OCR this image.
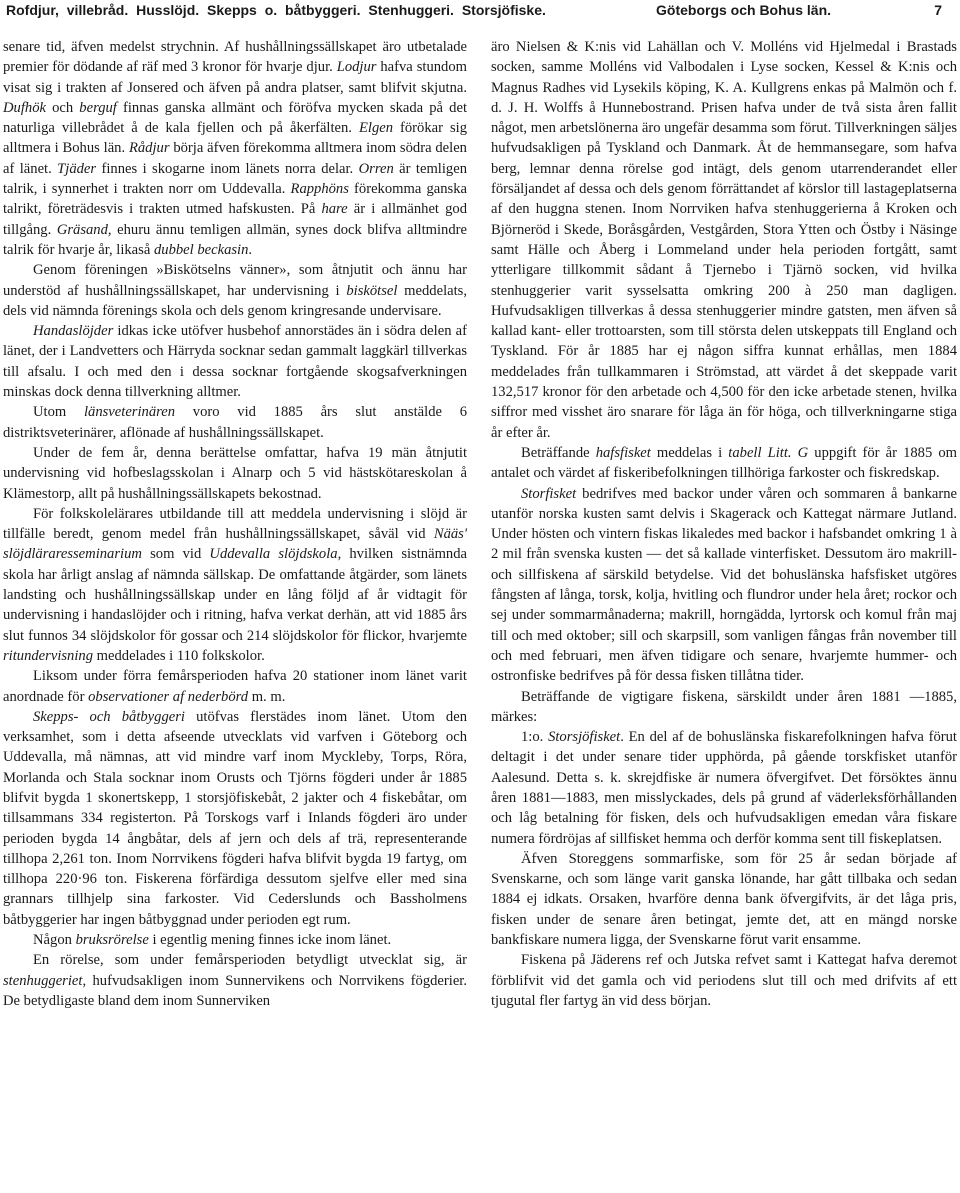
Rofdjur, villebråd. Husslöjd. Skepps o. båtbyggeri. Stenhuggeri. Storsjöfiske.	Göteborgs och Bohus län.	7

senare tid, äfven medelst strychnin. Af hushållningssällskapet äro utbetalade premier för dödande af räf med 3 kronor för hvarje djur. Lodjur hafva stundom visat sig i trakten af Jonsered och äfven på andra platser, samt blifvit skjutna. Dufhök och berguf finnas ganska allmänt och föröfva mycken skada på det naturliga villebrådet å de kala fjellen och på åkerfälten. Elgen förökar sig alltmera i Bohus län. Rådjur börja äfven förekomma alltmera inom södra delen af länet. Tjäder finnes i skogarne inom länets norra delar. Orren är temligen talrik, i synnerhet i trakten norr om Uddevalla. Rapphöns förekomma ganska talrikt, företrädesvis i trakten utmed hafskusten. På hare är i allmänhet god tillgång. Gräsand, ehuru ännu temligen allmän, synes dock blifva alltmindre talrik för hvarje år, likaså dubbel beckasin.

Genom föreningen »Biskötselns vänner», som åtnjutit och ännu har understöd af hushållningssällskapet, har undervisning i biskötsel meddelats, dels vid nämnda förenings skola och dels genom kringresande undervisare.

Handaslöjder idkas icke utöfver husbehof annorstädes än i södra delen af länet, der i Landvetters och Härryda socknar sedan gammalt laggkärl tillverkas till afsalu. I och med den i dessa socknar fortgående skogsafverkningen minskas dock denna tillverkning alltmer.

Utom länsveterinären voro vid 1885 års slut anstälde 6 distriktsveterinärer, aflönade af hushållningssällskapet.

Under de fem år, denna berättelse omfattar, hafva 19 män åtnjutit undervisning vid hofbeslagsskolan i Alnarp och 5 vid hästskötareskolan å Klämestorp, allt på hushållningssällskapets bekostnad.

För folkskolelärares utbildande till att meddela undervisning i slöjd är tillfälle beredt, genom medel från hushållningssällskapet, såväl vid Nääs' slöjdläraresseminarium som vid Uddevalla slöjdskola, hvilken sistnämnda skola har årligt anslag af nämnda sällskap. De omfattande åtgärder, som länets landsting och hushållningssällskap under en lång följd af år vidtagit för undervisning i handaslöjder och i ritning, hafva verkat derhän, att vid 1885 års slut funnos 34 slöjdskolor för gossar och 214 slöjdskolor för flickor, hvarjemte ritundervisning meddelades i 110 folkskolor.

Liksom under förra femårsperioden hafva 20 stationer inom länet varit anordnade för observationer af nederbörd m. m.

Skepps- och båtbyggeri utöfvas flerstädes inom länet. Utom den verksamhet, som i detta afseende utvecklats vid varfven i Göteborg och Uddevalla, må nämnas, att vid mindre varf inom Myckleby, Torps, Röra, Morlanda och Stala socknar inom Orusts och Tjörns fögderi under år 1885 blifvit bygda 1 skonertskepp, 1 storsjöfiskebåt, 2 jakter och 4 fiskebåtar, om tillsammans 334 registerton. På Torskogs varf i Inlands fögderi äro under perioden bygda 14 ångbåtar, dels af jern och dels af trä, representerande tillhopa 2,261 ton. Inom Norrvikens fögderi hafva blifvit bygda 19 fartyg, om tillhopa 220·96 ton. Fiskerena förfärdiga dessutom sjelfve eller med sina grannars tillhjelp sina farkoster. Vid Cederslunds och Bassholmens båtbyggerier har ingen båtbyggnad under perioden egt rum.

Någon bruksrörelse i egentlig mening finnes icke inom länet.

En rörelse, som under femårsperioden betydligt utvecklat sig, är stenhuggeriet, hufvudsakligen inom Sunnervikens och Norrvikens fögderier. De betydligaste bland dem inom Sunnerviken

äro Nielsen & K:nis vid Lahällan och V. Molléns vid Hjelmedal i Brastads socken, samme Molléns vid Valbodalen i Lyse socken, Kessel & K:nis och Magnus Radhes vid Lysekils köping, K. A. Kullgrens enkas på Malmön och f. d. J. H. Wolffs å Hunnebostrand. Prisen hafva under de två sista åren fallit något, men arbetslönerna äro ungefär desamma som förut. Tillverkningen säljes hufvudsakligen på Tyskland och Danmark. Åt de hemmansegare, som hafva berg, lemnar denna rörelse god intägt, dels genom utarrenderandet eller försäljandet af dessa och dels genom förrättandet af körslor till lastageplatserna af den huggna stenen. Inom Norrviken hafva stenhuggerierna å Kroken och Björneröd i Skede, Boråsgården, Vestgården, Stora Ytten och Östby i Näsinge samt Hälle och Åberg i Lommeland under hela perioden fortgått, samt ytterligare tillkommit sådant å Tjernebo i Tjärnö socken, vid hvilka stenhuggerier varit sysselsatta omkring 200 à 250 man dagligen. Hufvudsakligen tillverkas å dessa stenhuggerier mindre gatsten, men äfven så kallad kant- eller trottoarsten, som till största delen utskeppats till England och Tyskland. För år 1885 har ej någon siffra kunnat erhållas, men 1884 meddelades från tullkammaren i Strömstad, att värdet å det skeppade varit 132,517 kronor för den arbetade och 4,500 för den icke arbetade stenen, hvilka siffror med visshet äro snarare för låga än för höga, och tillverkningarne stiga år efter år.

Beträffande hafsfisket meddelas i tabell Litt. G uppgift för år 1885 om antalet och värdet af fiskeribefolkningen tillhöriga farkoster och fiskredskap.

Storfisket bedrifves med backor under våren och sommaren å bankarne utanför norska kusten samt delvis i Skagerack och Kattegat närmare Jutland. Under hösten och vintern fiskas likaledes med backor i hafsbandet omkring 1 à 2 mil från svenska kusten — det så kallade vinterfisket. Dessutom äro makrill- och sillfiskena af särskild betydelse. Vid det bohuslänska hafsfisket utgöres fångsten af långa, torsk, kolja, hvitling och flundror under hela året; rockor och sej under sommarmånaderna; makrill, horngädda, lyrtorsk och komul från maj till och med oktober; sill och skarpsill, som vanligen fångas från november till och med februari, men äfven tidigare och senare, hvarjemte hummer- och ostronfiske bedrifves på för dessa fisken tillåtna tider.

Beträffande de vigtigare fiskena, särskildt under åren 1881 —1885, märkes:

1:o. Storsjöfisket. En del af de bohuslänska fiskarefolkningen hafva förut deltagit i det under senare tider upphörda, på gående torskfisket utanför Aalesund. Detta s. k. skrejdfiske är numera öfvergifvet. Det försöktes ännu åren 1881—1883, men misslyckades, dels på grund af väderleksförhållanden och låg betalning för fisken, dels och hufvudsakligen emedan våra fiskare numera fördröjas af sillfisket hemma och derför komma sent till fiskeplatsen.

Äfven Storeggens sommarfiske, som för 25 år sedan började af Svenskarne, och som länge varit ganska lönande, har gått tillbaka och sedan 1884 ej idkats. Orsaken, hvarföre denna bank öfvergifvits, är det låga pris, fisken under de senare åren betingat, jemte det, att en mängd norske bankfiskare numera ligga, der Svenskarne förut varit ensamme.

Fiskena på Jäderens ref och Jutska refvet samt i Kattegat hafva deremot förblifvit vid det gamla och vid periodens slut till och med drifvits af ett tjugutal fler fartyg än vid dess början.
